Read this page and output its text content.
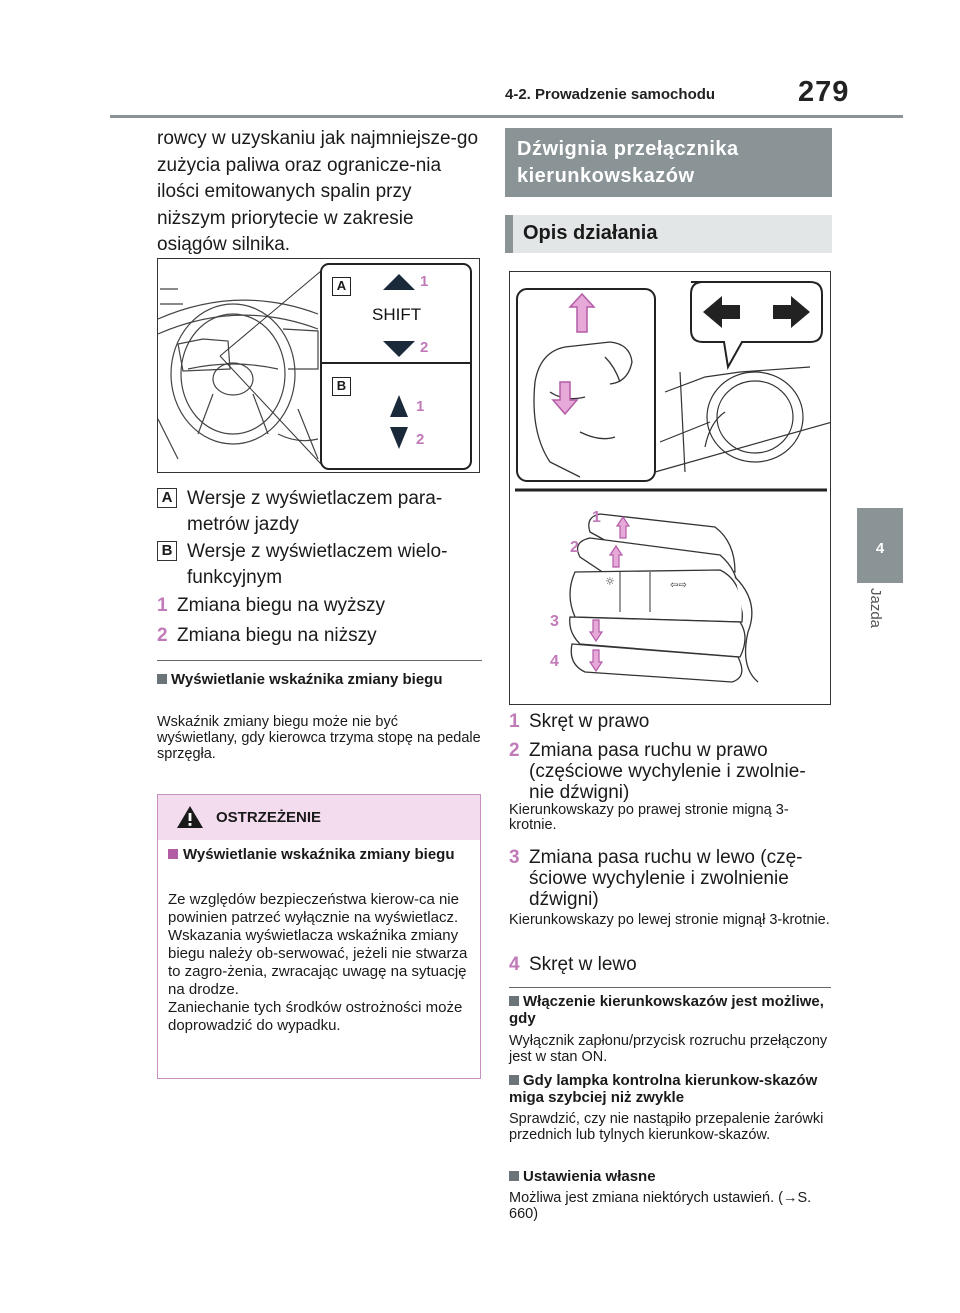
4-2. Prowadzenie samochodu	279
4
Jazda
rowcy w uzyskaniu jak najmniejsze-go zużycia paliwa oraz ogranicze-nia ilości emitowanych spalin przy niższym priorytecie w zakresie osiągów silnika.
A
SHIFT
1
2
B
1
2
A Wersje z wyświetlaczem para-metrów jazdy
B Wersje z wyświetlaczem wielo-funkcyjnym
1 Zmiana biegu na wyższy
2 Zmiana biegu na niższy
Wyświetlanie wskaźnika zmiany biegu
Wskaźnik zmiany biegu może nie być wyświetlany, gdy kierowca trzyma stopę na pedale sprzęgła.
OSTRZEŻENIE
Wyświetlanie wskaźnika zmiany biegu
Ze względów bezpieczeństwa kierow-ca nie powinien patrzeć wyłącznie na wyświetlacz. Wskazania wyświetlacza wskaźnika zmiany biegu należy ob-serwować, jeżeli nie stwarza to zagro-żenia, zwracając uwagę na sytuację na drodze.
Zaniechanie tych środków ostrożności może doprowadzić do wypadku.
Dźwignia przełącznika kierunkowskazów
Opis działania
☼	⇦⇨
1
2
3
4
1 Skręt w prawo
2 Zmiana pasa ruchu w prawo (częściowe wychylenie i zwolnie-nie dźwigni)
Kierunkowskazy po prawej stronie migną 3-krotnie.
3 Zmiana pasa ruchu w lewo (czę-ściowe wychylenie i zwolnienie dźwigni)
Kierunkowskazy po lewej stronie mignął 3-krotnie.
4 Skręt w lewo
Włączenie kierunkowskazów jest możliwe, gdy
Wyłącznik zapłonu/przycisk rozruchu przełączony jest w stan ON.
Gdy lampka kontrolna kierunkow-skazów miga szybciej niż zwykle
Sprawdzić, czy nie nastąpiło przepalenie żarówki przednich lub tylnych kierunkow-skazów.
Ustawienia własne
Możliwa jest zmiana niektórych ustawień. (→S. 660)
